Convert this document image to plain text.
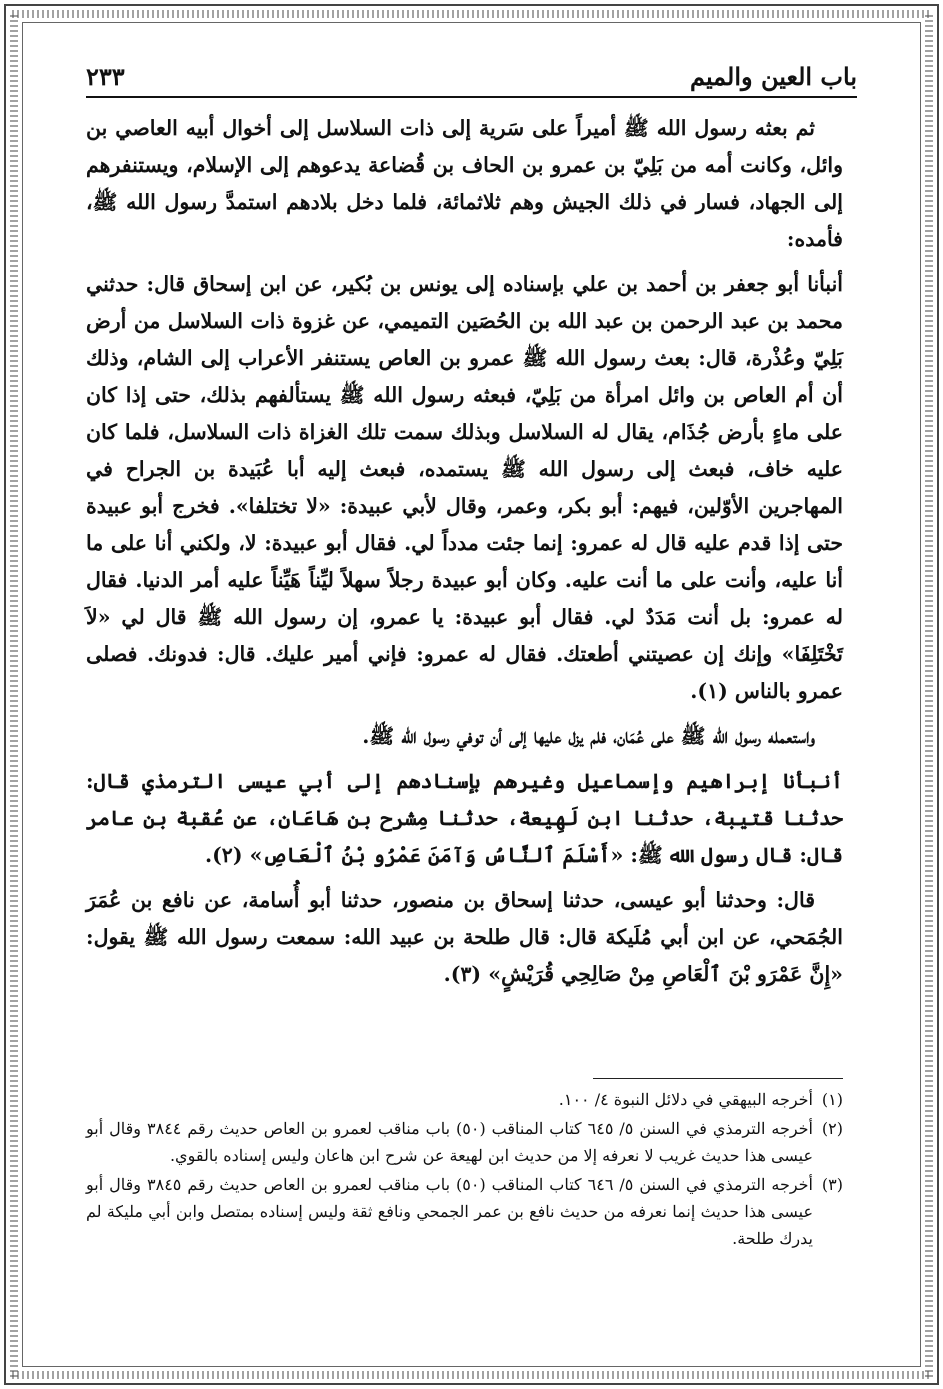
باب العين والميم
٢٣٣

ثم بعثه رسول الله ﷺ أميراً على سَرية إلى ذات السلاسل إلى أخوال أبيه العاصي بن وائل، وكانت أمه من بَلِيّ بن عمرو بن الحاف بن قُضاعة يدعوهم إلى الإسلام، ويستنفرهم إلى الجهاد، فسار في ذلك الجيش وهم ثلاثمائة، فلما دخل بلادهم استمدَّ رسول الله ﷺ، فأمده:

أنبأنا أبو جعفر بن أحمد بن علي بإسناده إلى يونس بن بُكير، عن ابن إسحاق قال: حدثني محمد بن عبد الرحمن بن عبد الله بن الحُصَين التميمي، عن غزوة ذات السلاسل من أرض بَلِيّ وعُذْرة، قال: بعث رسول الله ﷺ عمرو بن العاص يستنفر الأعراب إلى الشام، وذلك أن أم العاص بن وائل امرأة من بَلِيّ، فبعثه رسول الله ﷺ يستألفهم بذلك، حتى إذا كان على ماءٍ بأرض جُذَام، يقال له السلاسل وبذلك سمت تلك الغزاة ذات السلاسل، فلما كان عليه خاف، فبعث إلى رسول الله ﷺ يستمده، فبعث إليه أبا عُبَيدة بن الجراح في المهاجرين الأوّلين، فيهم: أبو بكر، وعمر، وقال لأبي عبيدة: «لا تختلفا». فخرج أبو عبيدة حتى إذا قدم عليه قال له عمرو: إنما جئت مدداً لي. فقال أبو عبيدة: لا، ولكني أنا على ما أنا عليه، وأنت على ما أنت عليه. وكان أبو عبيدة رجلاً سهلاً ليِّناً هَيِّناً عليه أمر الدنيا. فقال له عمرو: بل أنت مَدَدٌ لي. فقال أبو عبيدة: يا عمرو، إن رسول الله ﷺ قال لي «لاَ تَخْتَلِفَا» وإنك إن عصيتني أطعتك. فقال له عمرو: فإني أمير عليك. قال: فدونك. فصلى عمرو بالناس (١).

واستعمله رسول الله ﷺ على عُمَان، فلم يزل عليها إلى أن توفي رسول الله ﷺ.

أنبأنا إبراهيم وإسماعيل وغيرهم بإسنادهم إلى أبي عيسى الترمذي قال: حدثنا قتيبة، حدثنا ابن لَهِيعة، حدثنا مِشرح بن هَاعَان، عن عُقبة بن عامر قال: قال رسول الله ﷺ: «أَسْلَمَ ٱلنَّاسُ وَآمَنَ عَمْرُو بْنُ ٱلْعَاصِ» (٢).

قال: وحدثنا أبو عيسى، حدثنا إسحاق بن منصور، حدثنا أبو أُسامة، عن نافع بن عُمَرَ الجُمَحي، عن ابن أبي مُلَيكة قال: قال طلحة بن عبيد الله: سمعت رسول الله ﷺ يقول: «إِنَّ عَمْرَو بْنَ ٱلْعَاصِ مِنْ صَالِحِي قُرَيْشٍ» (٣).

(١)
أخرجه البيهقي في دلائل النبوة ٤/ ١٠٠.
(٢)
أخرجه الترمذي في السنن ٥/ ٦٤٥ كتاب المناقب (٥٠) باب مناقب لعمرو بن العاص حديث رقم ٣٨٤٤ وقال أبو عيسى هذا حديث غريب لا نعرفه إلا من حديث ابن لهيعة عن شرح ابن هاعان وليس إسناده بالقوي.
(٣)
أخرجه الترمذي في السنن ٥/ ٦٤٦ كتاب المناقب (٥٠) باب مناقب لعمرو بن العاص حديث رقم ٣٨٤٥ وقال أبو عيسى هذا حديث إنما نعرفه من حديث نافع بن عمر الجمحي ونافع ثقة وليس إسناده بمتصل وابن أبي مليكة لم يدرك طلحة.
